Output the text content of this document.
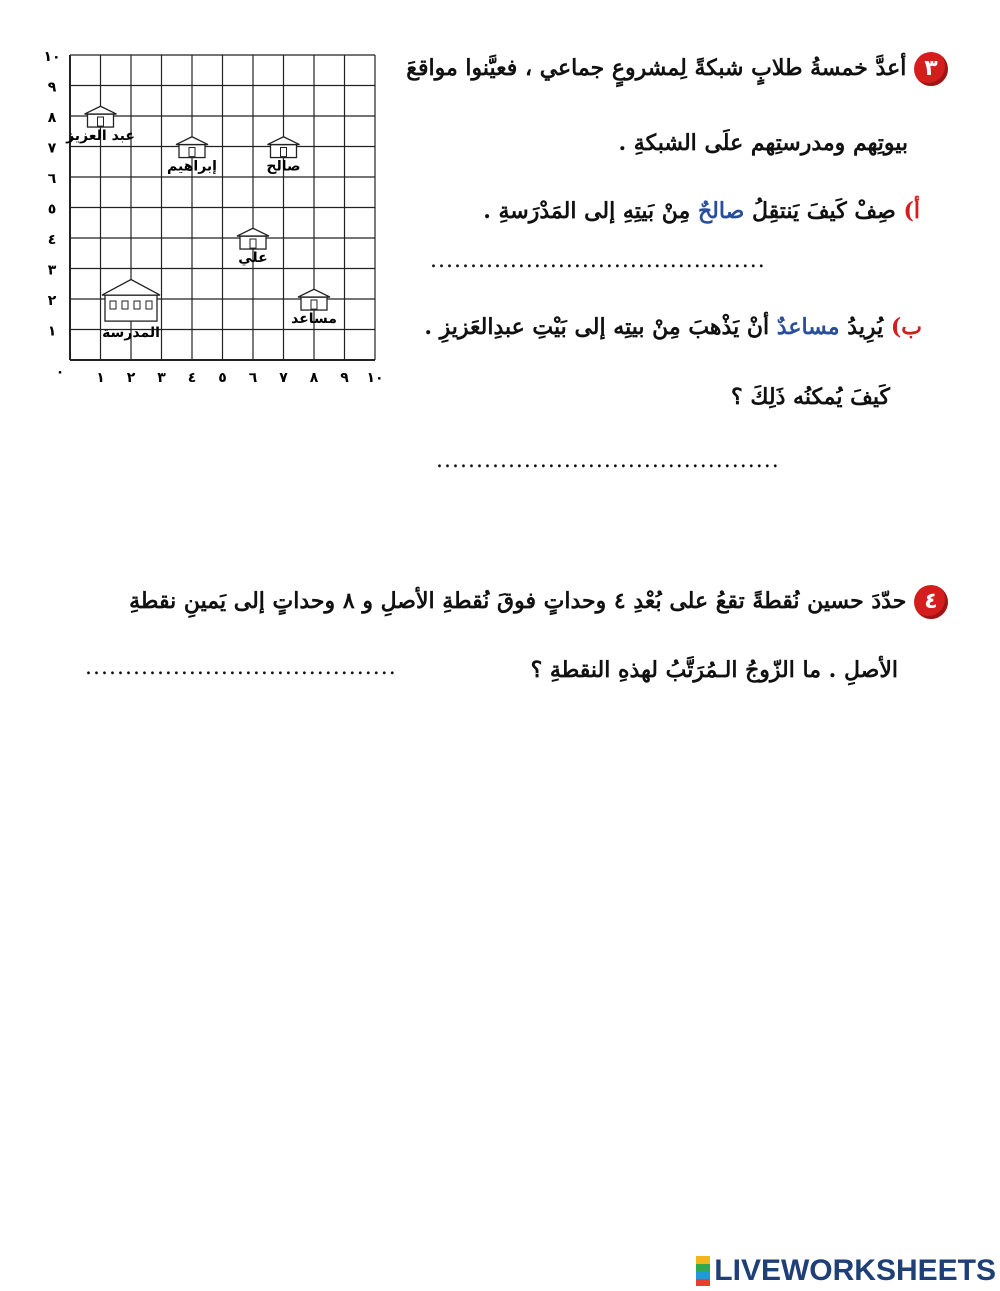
١
٢
٣
٤
٥
٦
٧
٨
٩
١٠
٠ ١ ٢ ٣ ٤ ٥ ٦ ٧ ٨ ٩ ١٠
عبد العزيز
إبراهيم	صالح
علي
مساعد
المدرسة
٣ أعدَّ خمسةُ طلابٍ شبكةً لِمشروعٍ جماعي ، فعيَّنوا مواقعَ
بيوتِهم ومدرستِهم علَى الشبكةِ .
أ) صِفْ كَيفَ يَنتقِلُ صالحٌ مِنْ بَيتِهِ إلى المَدْرَسةِ .
..........................................
ب) يُرِيدُ مساعدٌ أنْ يَذْهبَ مِنْ بيتِه إلى بَيْتِ عبدِالعَزيزِ .
كَيفَ يُمكنُه ذَلِكَ ؟
...........................................
٤ حدّدَ حسين نُقطةً تقعُ على بُعْدِ ٤ وحداتٍ فوقَ نُقطةِ الأصلِ و ٨ وحداتٍ إلى يَمينِ نقطةِ
الأصلِ . ما الزّوجُ الـمُرَتَّبُ لهذهِ النقطةِ ؟
.......................................
LIVEWORKSHEETS
